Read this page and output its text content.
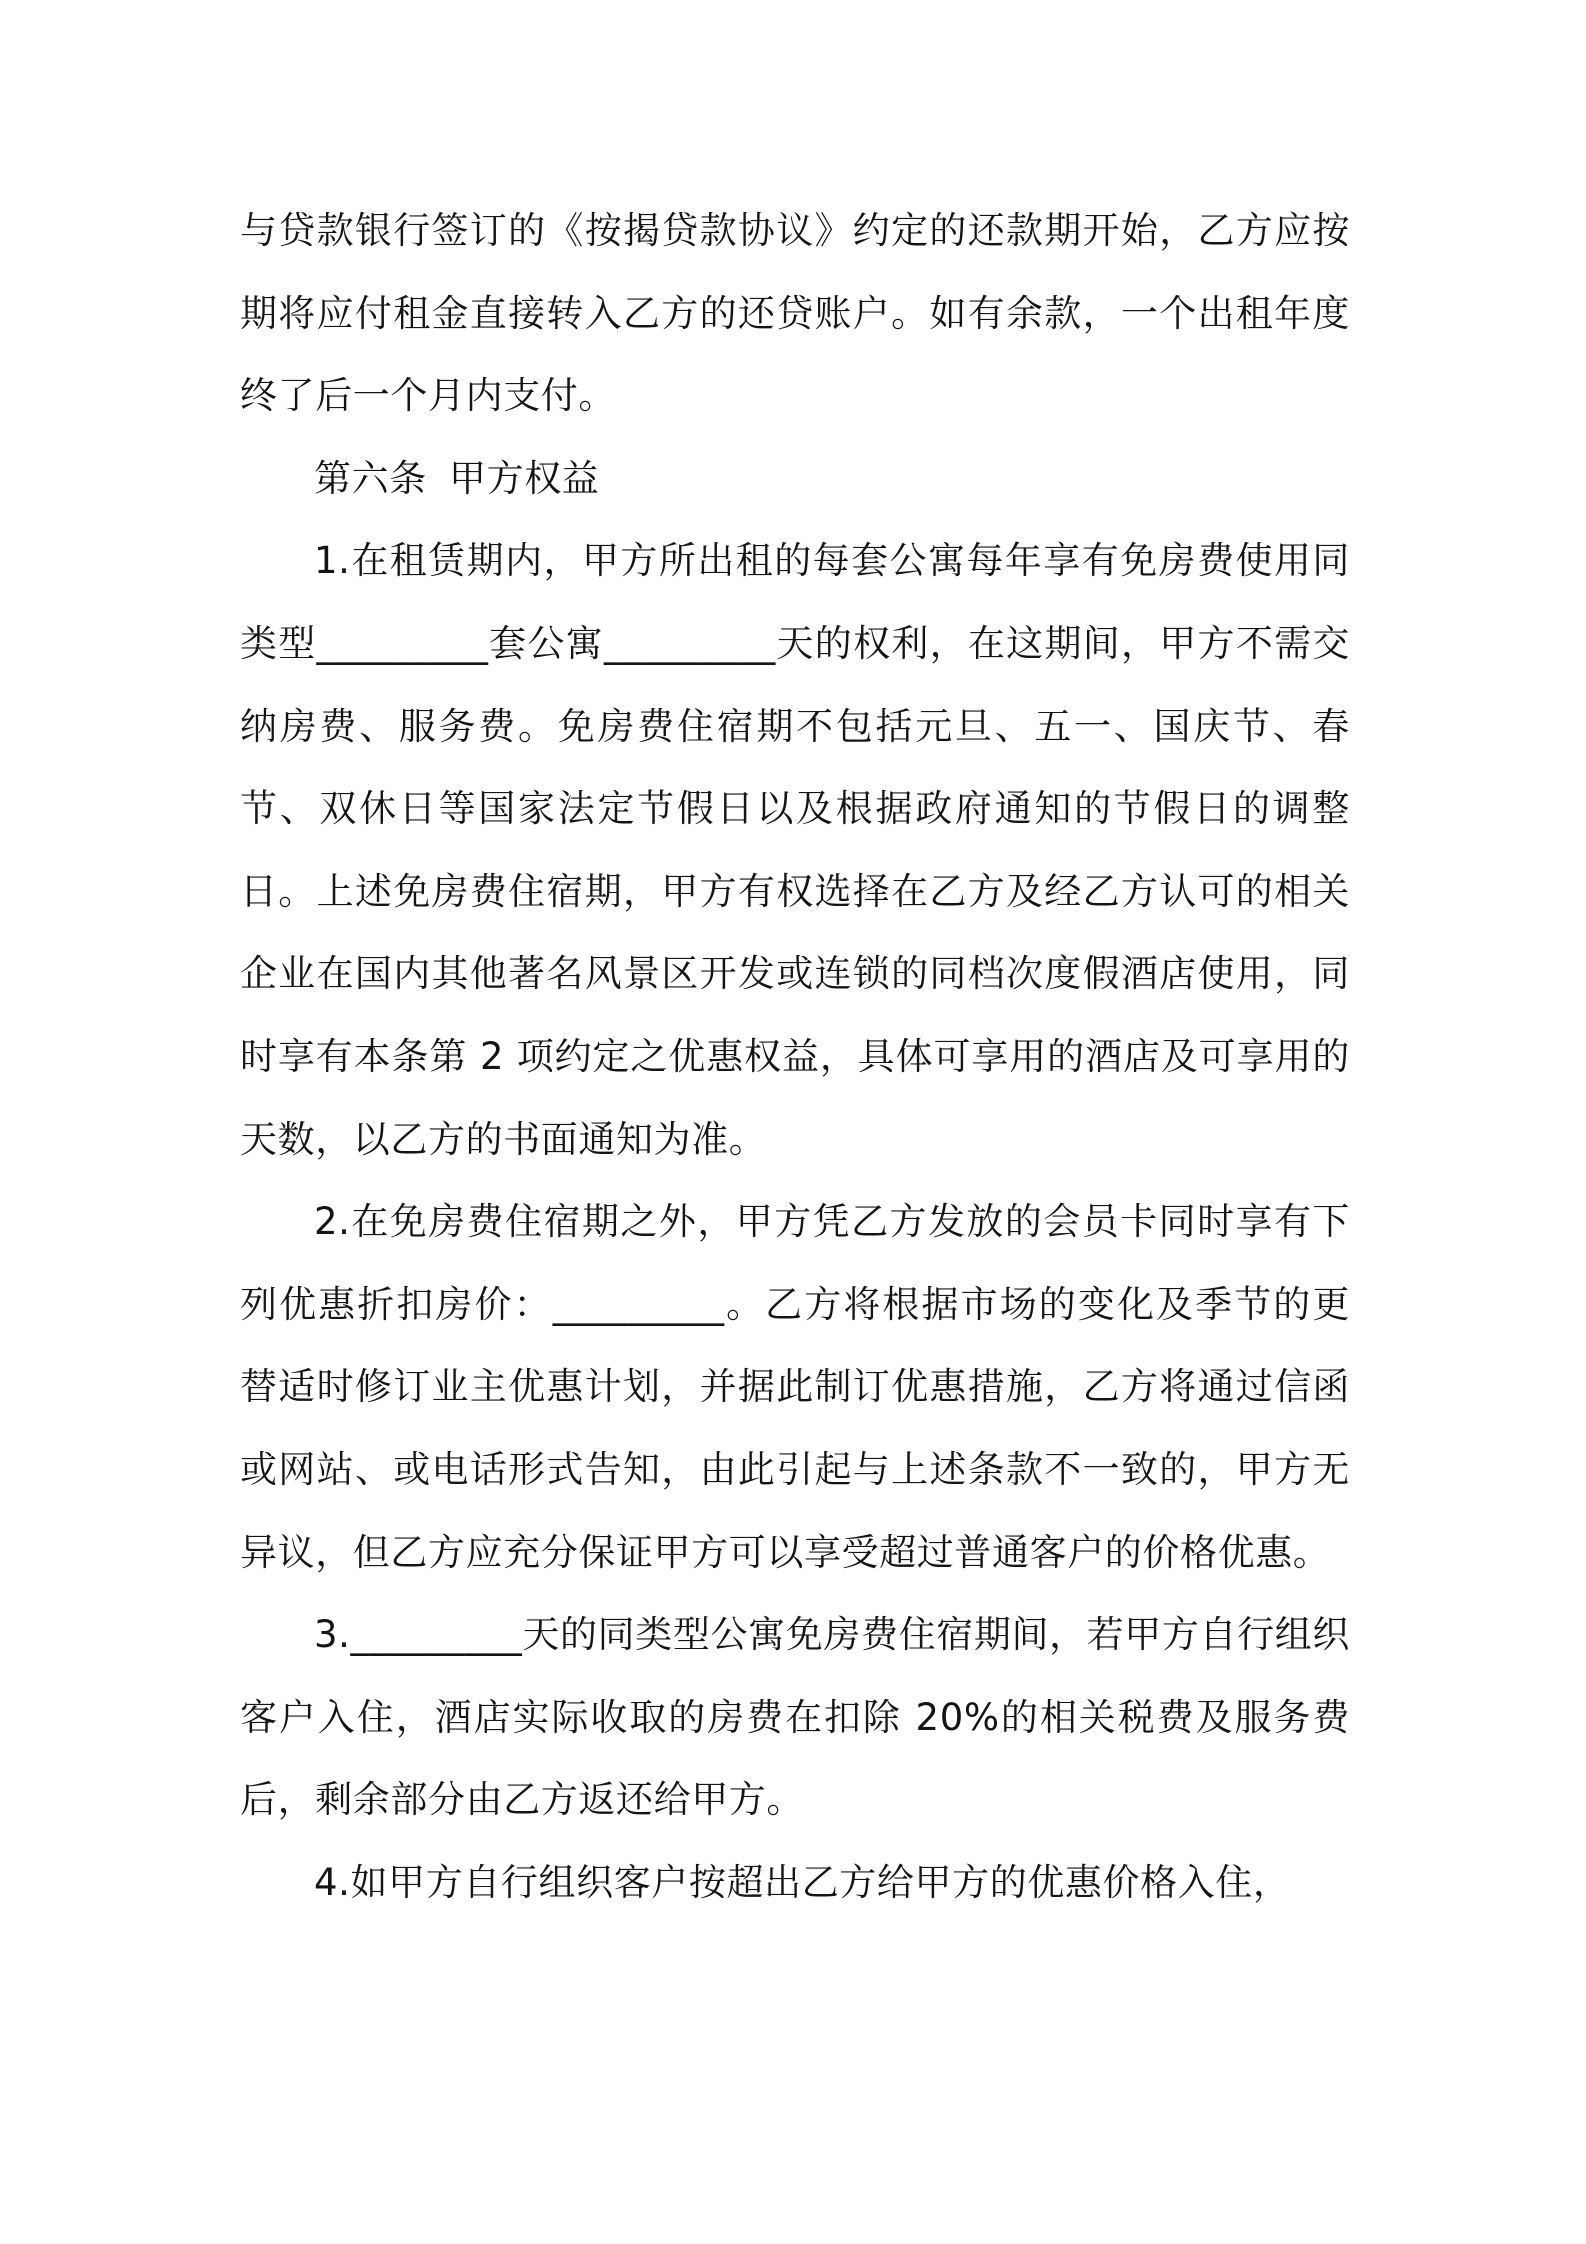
与贷款银行签订的《按揭贷款协议》约定的还款期开始，乙方应按期将应付租金直接转入乙方的还贷账户。如有余款，一个出租年度终了后一个月内支付。

第六条 甲方权益

1.在租赁期内，甲方所出租的每套公寓每年享有免房费使用同类型_________套公寓_________天的权利，在这期间，甲方不需交纳房费、服务费。免房费住宿期不包括元旦、五一、国庆节、春节、双休日等国家法定节假日以及根据政府通知的节假日的调整日。上述免房费住宿期，甲方有权选择在乙方及经乙方认可的相关企业在国内其他著名风景区开发或连锁的同档次度假酒店使用，同时享有本条第 2 项约定之优惠权益，具体可享用的酒店及可享用的天数，以乙方的书面通知为准。

2.在免房费住宿期之外，甲方凭乙方发放的会员卡同时享有下列优惠折扣房价：_________。乙方将根据市场的变化及季节的更替适时修订业主优惠计划，并据此制订优惠措施，乙方将通过信函或网站、或电话形式告知，由此引起与上述条款不一致的，甲方无异议，但乙方应充分保证甲方可以享受超过普通客户的价格优惠。

3._________天的同类型公寓免房费住宿期间，若甲方自行组织客户入住，酒店实际收取的房费在扣除 20%的相关税费及服务费后，剩余部分由乙方返还给甲方。

4.如甲方自行组织客户按超出乙方给甲方的优惠价格入住，
